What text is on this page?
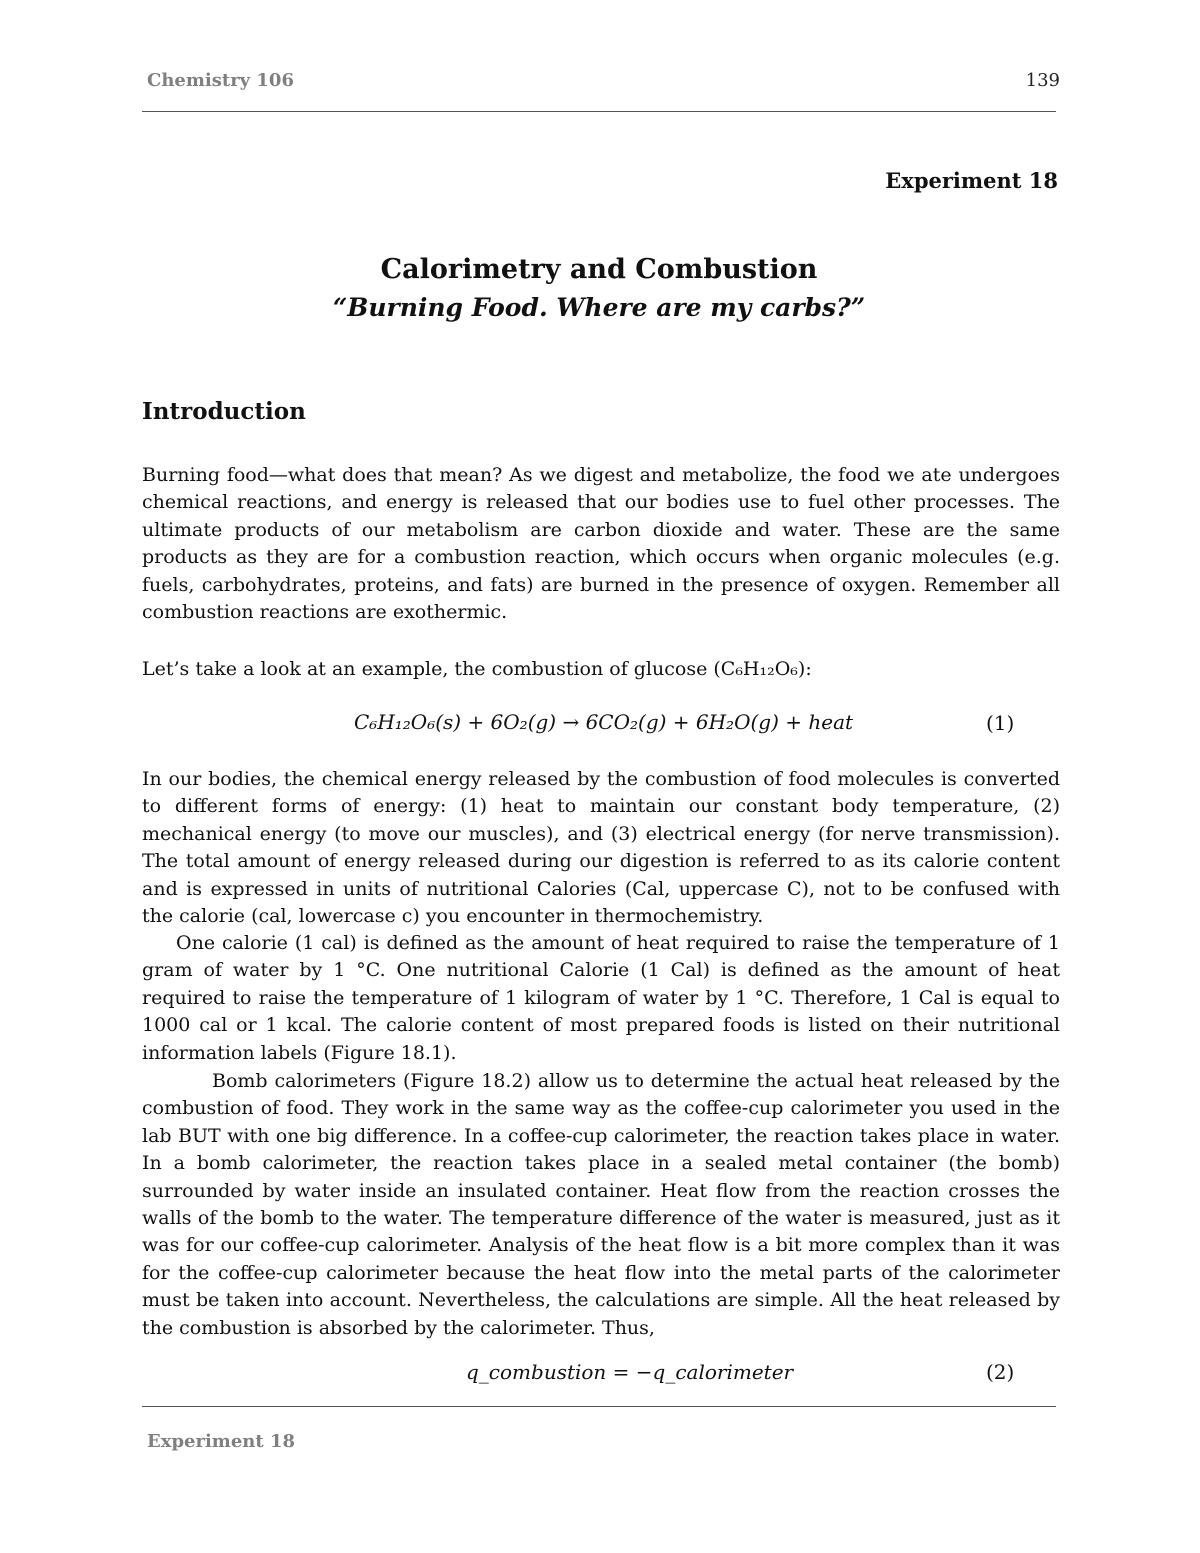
Chemistry 106	139
Experiment 18
Calorimetry and Combustion
“Burning Food. Where are my carbs?”
Introduction

Burning food—what does that mean? As we digest and metabolize, the food we ate undergoes chemical reactions, and energy is released that our bodies use to fuel other processes. The ultimate products of our metabolism are carbon dioxide and water. These are the same products as they are for a combustion reaction, which occurs when organic molecules (e.g. fuels, carbohydrates, proteins, and fats) are burned in the presence of oxygen. Remember all combustion reactions are exothermic.

Let’s take a look at an example, the combustion of glucose (C₆H₁₂O₆):

C₆H₁₂O₆(s) + 6O₂(g) → 6CO₂(g) + 6H₂O(g) + heat	(1)

In our bodies, the chemical energy released by the combustion of food molecules is converted to different forms of energy: (1) heat to maintain our constant body temperature, (2) mechanical energy (to move our muscles), and (3) electrical energy (for nerve transmission). The total amount of energy released during our digestion is referred to as its calorie content and is expressed in units of nutritional Calories (Cal, uppercase C), not to be confused with the calorie (cal, lowercase c) you encounter in thermochemistry.

One calorie (1 cal) is defined as the amount of heat required to raise the temperature of 1 gram of water by 1 °C. One nutritional Calorie (1 Cal) is defined as the amount of heat required to raise the temperature of 1 kilogram of water by 1 °C. Therefore, 1 Cal is equal to 1000 cal or 1 kcal. The calorie content of most prepared foods is listed on their nutritional information labels (Figure 18.1).

Bomb calorimeters (Figure 18.2) allow us to determine the actual heat released by the combustion of food. They work in the same way as the coffee-cup calorimeter you used in the lab BUT with one big difference. In a coffee-cup calorimeter, the reaction takes place in water. In a bomb calorimeter, the reaction takes place in a sealed metal container (the bomb) surrounded by water inside an insulated container. Heat flow from the reaction crosses the walls of the bomb to the water. The temperature difference of the water is measured, just as it was for our coffee-cup calorimeter. Analysis of the heat flow is a bit more complex than it was for the coffee-cup calorimeter because the heat flow into the metal parts of the calorimeter must be taken into account. Nevertheless, the calculations are simple. All the heat released by the combustion is absorbed by the calorimeter. Thus,

q_combustion = −q_calorimeter	(2)
Experiment 18
